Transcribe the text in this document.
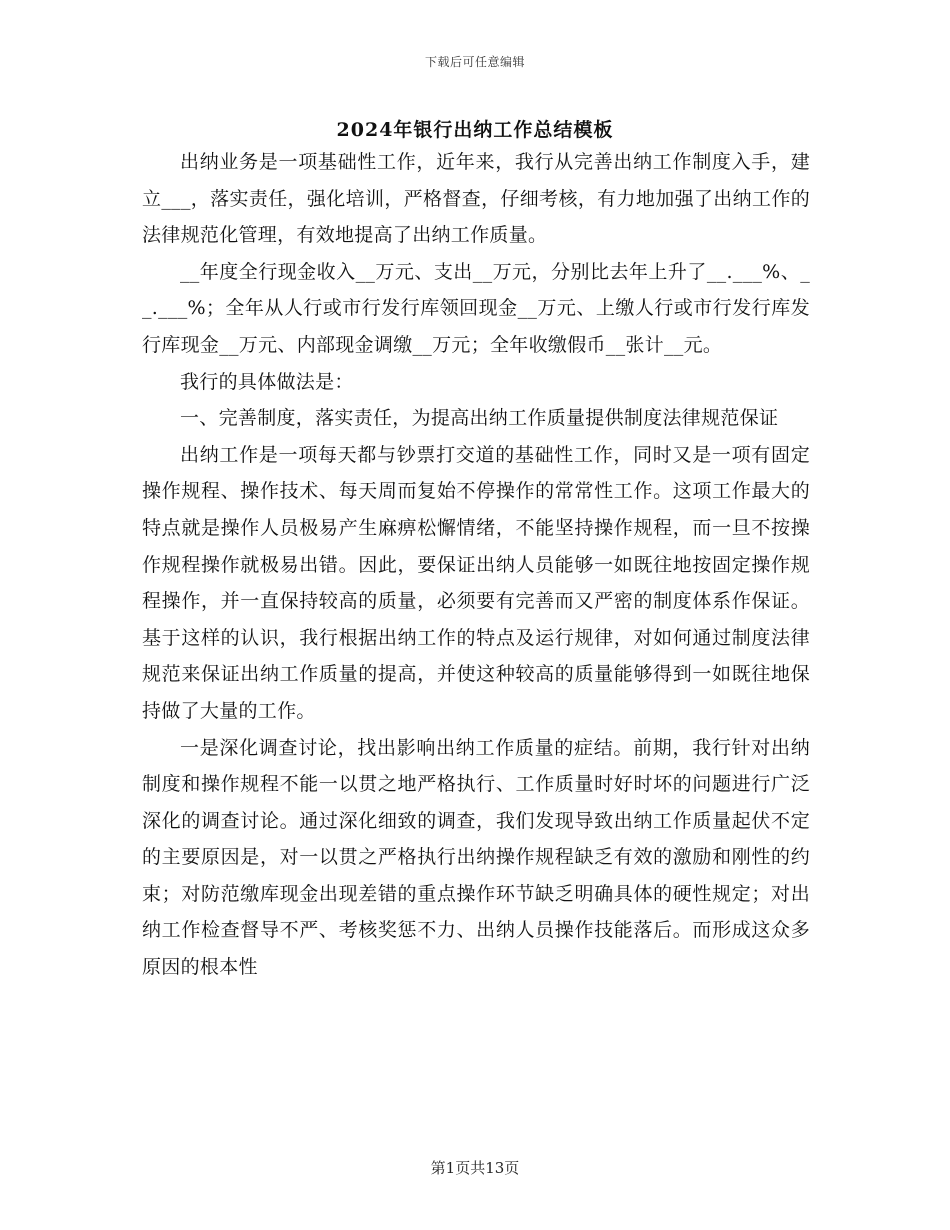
下载后可任意编辑
2024年银行出纳工作总结模板

出纳业务是一项基础性工作，近年来，我行从完善出纳工作制度入手，建立___，落实责任，强化培训，严格督查，仔细考核，有力地加强了出纳工作的法律规范化管理，有效地提高了出纳工作质量。

__年度全行现金收入__万元、支出__万元，分别比去年上升了__.___%、__.___%；全年从人行或市行发行库领回现金__万元、上缴人行或市行发行库发行库现金__万元、内部现金调缴__万元；全年收缴假币__张计__元。

我行的具体做法是：

一、完善制度，落实责任，为提高出纳工作质量提供制度法律规范保证

出纳工作是一项每天都与钞票打交道的基础性工作，同时又是一项有固定操作规程、操作技术、每天周而复始不停操作的常常性工作。这项工作最大的特点就是操作人员极易产生麻痹松懈情绪，不能坚持操作规程，而一旦不按操作规程操作就极易出错。因此，要保证出纳人员能够一如既往地按固定操作规程操作，并一直保持较高的质量，必须要有完善而又严密的制度体系作保证。基于这样的认识，我行根据出纳工作的特点及运行规律，对如何通过制度法律规范来保证出纳工作质量的提高，并使这种较高的质量能够得到一如既往地保持做了大量的工作。

一是深化调查讨论，找出影响出纳工作质量的症结。前期，我行针对出纳制度和操作规程不能一以贯之地严格执行、工作质量时好时坏的问题进行广泛深化的调查讨论。通过深化细致的调查，我们发现导致出纳工作质量起伏不定的主要原因是，对一以贯之严格执行出纳操作规程缺乏有效的激励和刚性的约束；对防范缴库现金出现差错的重点操作环节缺乏明确具体的硬性规定；对出纳工作检查督导不严、考核奖惩不力、出纳人员操作技能落后。而形成这众多原因的根本性

第1页共13页
